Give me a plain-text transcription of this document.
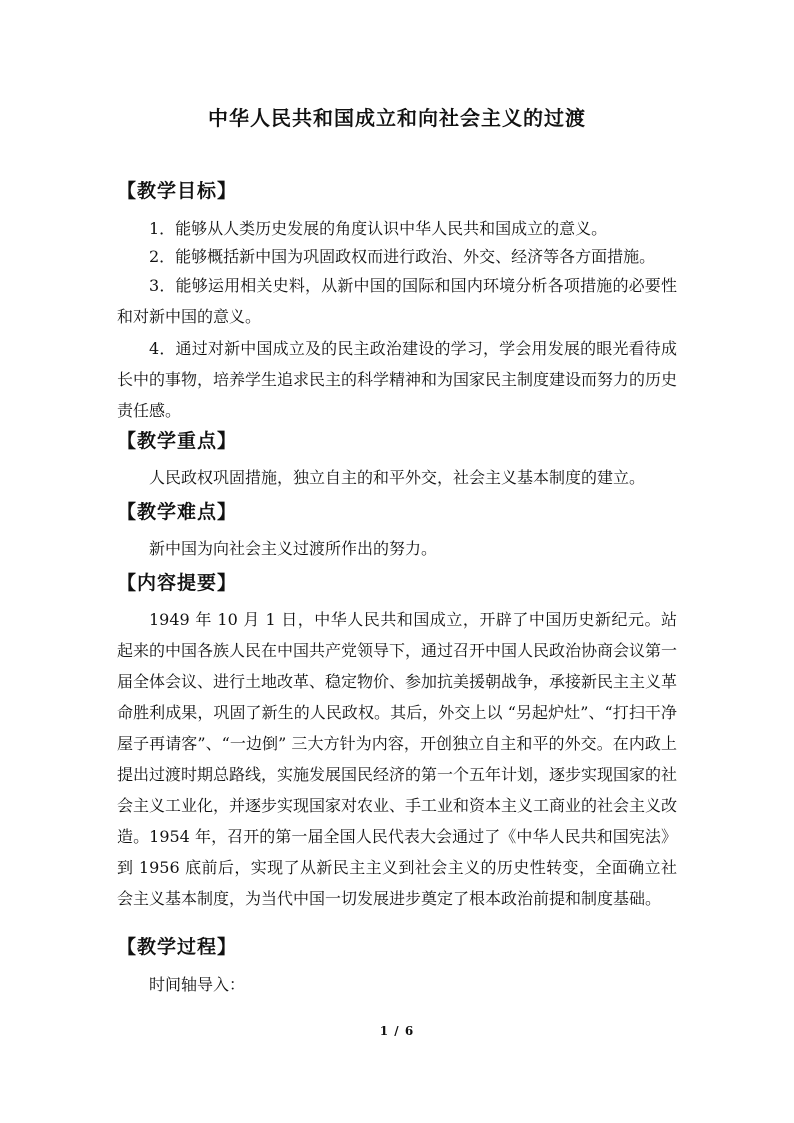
中华人民共和国成立和向社会主义的过渡
【教学目标】

1．能够从人类历史发展的角度认识中华人民共和国成立的意义。

2．能够概括新中国为巩固政权而进行政治、外交、经济等各方面措施。

3．能够运用相关史料，从新中国的国际和国内环境分析各项措施的必要性和对新中国的意义。

4．通过对新中国成立及的民主政治建设的学习，学会用发展的眼光看待成长中的事物，培养学生追求民主的科学精神和为国家民主制度建设而努力的历史责任感。

【教学重点】

人民政权巩固措施，独立自主的和平外交，社会主义基本制度的建立。

【教学难点】

新中国为向社会主义过渡所作出的努力。

【内容提要】

1949 年 10 月 1 日，中华人民共和国成立，开辟了中国历史新纪元。站起来的中国各族人民在中国共产党领导下，通过召开中国人民政治协商会议第一届全体会议、进行土地改革、稳定物价、参加抗美援朝战争，承接新民主主义革命胜利成果，巩固了新生的人民政权。其后，外交上以 “另起炉灶”、“打扫干净屋子再请客”、“一边倒” 三大方针为内容，开创独立自主和平的外交。在内政上提出过渡时期总路线，实施发展国民经济的第一个五年计划，逐步实现国家的社会主义工业化，并逐步实现国家对农业、手工业和资本主义工商业的社会主义改造。1954 年，召开的第一届全国人民代表大会通过了《中华人民共和国宪法》 到 1956 底前后，实现了从新民主主义到社会主义的历史性转变，全面确立社会主义基本制度，为当代中国一切发展进步奠定了根本政治前提和制度基础。

【教学过程】

时间轴导入：

1 / 6
